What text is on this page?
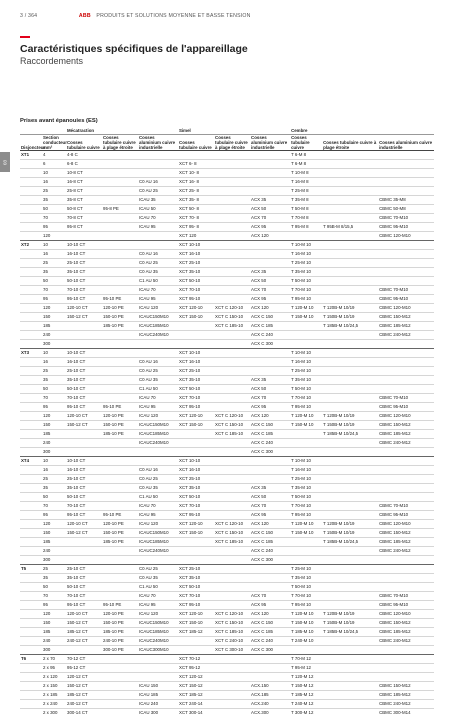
3 / 364	ABB PRODUITS ET SOLUTIONS MOYENNE ET BASSE TENSION
Caractéristiques spécifiques de l'appareillage
Raccordements
03
Prises avant épanouies (ES)
		Mécatraction			Simel			Cembre		
Disjoncteur	Section conducteur mm²	Cosses tubulaire cuivre	Cosses tubulaire cuivre à plage étroite	Cosses aluminium cuivre industrielle	Cosses tubulaire cuivre	Cosses tubulaire cuivre à plage étroite	Cosses aluminium cuivre industrielle	Cosses tubulaire cuivre	Cosses tubulaire cuivre à plage étroite	Cosses aluminium cuivre industrielle
XT1	4	4-8 C						T 6-M 8		
	6	6-8 C			XCT 6- 8			T 6-M 8		
	10	10-8 CT			XCT 10- 8			T 10-M 8		
	16	16-8 CT		C0 AU 16	XCT 16- 8			T 16-M 8		
	25	25-8 CT		C0 AU 25	XCT 25- 8			T 25-M 8		
	35	35-8 CT		ICAU 35	XCT 35- 8		ACX 35	T 35-M 8		CBMC 35-M8
	50	50-8 CT	95-8 PE	ICAU 50	XCT 50- 8		ACX 50	T 50-M 8		CBMC 50-M8
	70	70-8 CT		ICAU 70	XCT 70- 8		ACX 70	T 70-M 8		CBMC 70-M10
	95	95-8 CT		ICAU 95	XCT 95- 8		ACX 95	T 95-M 8	T 95B-M 8/15,5	CBMC 95-M10
	120				XCT 120		ACX 120			CBMC 120-M10
XT2	10	10-10 CT			XCT 10-10			T 10-M 10		
	16	16-10 CT		C0 AU 16	XCT 16-10			T 16-M 10		
	25	25-10 CT		C0 AU 25	XCT 25-10			T 25-M 10		
	35	35-10 CT		C0 AU 35	XCT 35-10		ACX 35	T 35-M 10		
	50	50-10 CT		C1 AU 50	XCT 50-10		ACX 50	T 50-M 10		
	70	70-10 CT		ICAU 70	XCT 70-10		ACX 70	T 70-M 10		CBMC 70-M10
	95	95-10 CT	95-10 PE	ICAU 95	XCT 95-10		ACX 95	T 95-M 10		CBMC 95-M10
	120	120-10 CT	120-10 PE	ICAU 120	XCT 120-10	XCT C 120-10	ACX 120	T 120-M 10	T 120B-M 10/19	CBMC 120-M10
	150	150-12 CT	150-10 PE	ICAUC150M10	XCT 150-10	XCT C 150-10	ACX C 150	T 150-M 10	T 150B-M 10/19	CBMC 150-M12
	185		185-10 PE	ICAUC185M10		XCT C 185-10	ACX C 185		T 185B-M 10/24,5	CBMC 185-M12
	240			ICAUC240M10			ACX C 240			CBMC 240-M12
	300						ACX C 300			
XT3	10	10-10 CT			XCT 10-10			T 10-M 10		
	16	16-10 CT		C0 AU 16	XCT 16-10			T 16-M 10		
	25	25-10 CT		C0 AU 25	XCT 25-10			T 25-M 10		
	35	35-10 CT		C0 AU 35	XCT 35-10		ACX 35	T 35-M 10		
	50	50-10 CT		C1 AU 50	XCT 50-10		ACX 50	T 50-M 10		
	70	70-10 CT		ICAU 70	XCT 70-10		ACX 70	T 70-M 10		CBMC 70-M10
	95	95-10 CT	95-10 PE	ICAU 95	XCT 95-10		ACX 95	T 95-M 10		CBMC 95-M10
	120	120-10 CT	120-10 PE	ICAU 120	XCT 120-10	XCT C 120-10	ACX 120	T 120-M 10	T 120B-M 10/19	CBMC 120-M10
	150	150-12 CT	150-10 PE	ICAUC150M10	XCT 150-10	XCT C 150-10	ACX C 150	T 150-M 10	T 150B-M 10/19	CBMC 150-M12
	185		185-10 PE	ICAUC185M10		XCT C 185-10	ACX C 185		T 185B-M 10/24,5	CBMC 185-M12
	240			ICAUC240M10			ACX C 240			CBMC 240-M12
	300						ACX C 300			
XT4	10	10-10 CT			XCT 10-10			T 10-M 10		
	16	16-10 CT		C0 AU 16	XCT 16-10			T 16-M 10		
	25	25-10 CT		C0 AU 25	XCT 25-10			T 25-M 10		
	35	35-10 CT		C0 AU 35	XCT 35-10		ACX 35	T 35-M 10		
	50	50-10 CT		C1 AU 50	XCT 50-10		ACX 50	T 50-M 10		
	70	70-10 CT		ICAU 70	XCT 70-10		ACX 70	T 70-M 10		CBMC 70-M10
	95	95-10 CT	95-10 PE	ICAU 95	XCT 95-10		ACX 95	T 95-M 10		CBMC 95-M10
	120	120-10 CT	120-10 PE	ICAU 120	XCT 120-10	XCT C 120-10	ACX 120	T 120-M 10	T 120B-M 10/19	CBMC 120-M10
	150	150-12 CT	150-10 PE	ICAUC150M10	XCT 150-10	XCT C 150-10	ACX C 150	T 150-M 10	T 150B-M 10/19	CBMC 150-M12
	185		185-10 PE	ICAUC185M10		XCT C 185-10	ACX C 185		T 185B-M 10/24,5	CBMC 185-M12
	240			ICAUC240M10			ACX C 240			CBMC 240-M12
	300						ACX C 300			
T5	25	25-10 CT		C0 AU 25	XCT 25-10			T 25-M 10		
	35	35-10 CT		C0 AU 35	XCT 35-10			T 35-M 10		
	50	50-10 CT		C1 AU 50	XCT 50-10			T 50-M 10		
	70	70-10 CT		ICAU 70	XCT 70-10		ACX 70	T 70-M 10		CBMC 70-M10
	95	95-10 CT	95-10 PE	ICAU 95	XCT 95-10		ACX 95	T 95-M 10		CBMC 95-M10
	120	120-10 CT	120-10 PE	ICAU 120	XCT 120-10	XCT C 120-10	ACX 120	T 120-M 10	T 120B-M 10/19	CBMC 120-M10
	150	150-12 CT	150-10 PE	ICAUC150M10	XCT 150-10	XCT C 150-10	ACX C 150	T 150-M 10	T 150B-M 10/19	CBMC 150-M12
	185	185-12 CT	185-10 PE	ICAUC185M10	XCT 185-12	XCT C 185-10	ACX C 185	T 185-M 10	T 185B-M 10/24,5	CBMC 185-M12
	240	240-12 CT	240-10 PE	ICAUC240M10		XCT C 240-10	ACX C 240	T 240-M 10		CBMC 240-M12
	300		300-10 PE	ICAUC300M10		XCT C 300-10	ACX C 300			
T6	2 x 70	70-12 CT			XCT 70-12			T 70-M 12		
	2 x 95	95-12 CT			XCT 95-12			T 95-M 12		
	2 x 120	120-12 CT			XCT 120-12			T 120-M 12		
	2 x 150	150-12 CT		ICAU 150	XCT 150-12		ACX.150	T 150-M 12		CBMC 150-M12
	2 x 185	185-12 CT		ICAU 185	XCT 185-12		ACX.185	T 185-M 12		CBMC 185-M12
	2 x 240	240-12 CT		ICAU 240	XCT 240-14		ACX.240	T 240-M 12		CBMC 240-M12
	2 x 300	300-14 CT		ICAU 300	XCT 300-14		ACX.300	T 300-M 12		CBMC 300-M14
